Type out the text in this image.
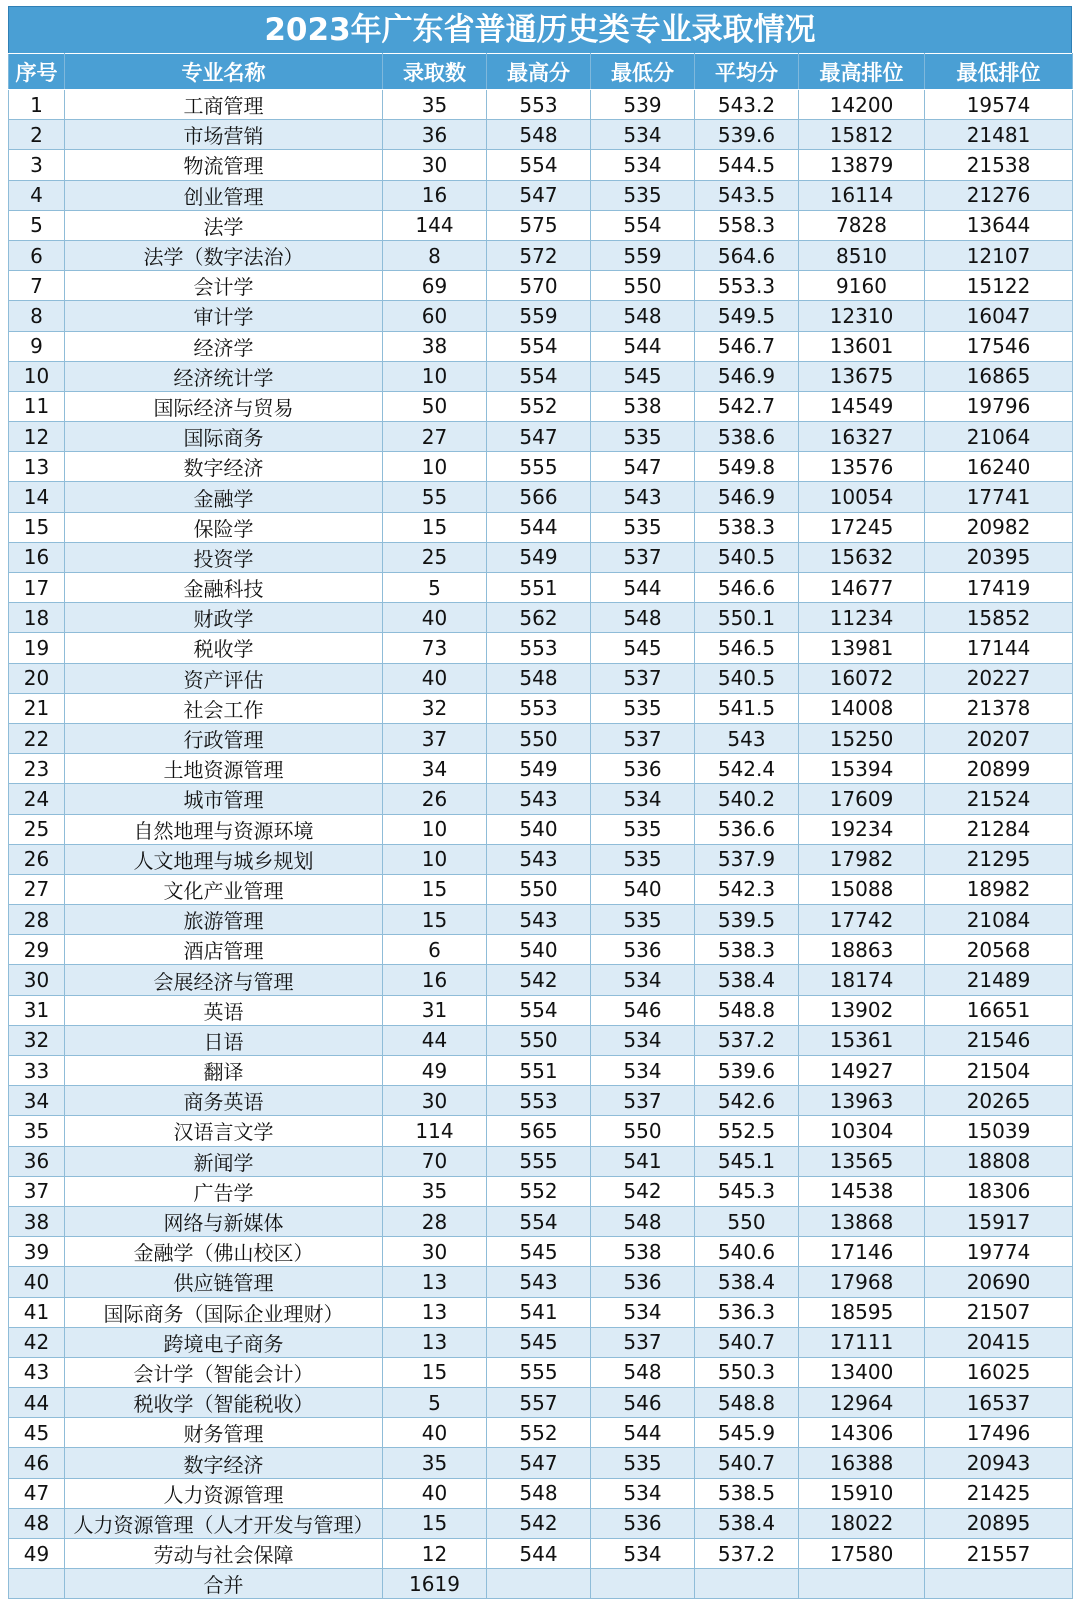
2023年广东省普通历史类专业录取情况
序号	专业名称	录取数	最高分	最低分	平均分	最高排位	最低排位
1	工商管理	35	553	539	543.2	14200	19574
2	市场营销	36	548	534	539.6	15812	21481
3	物流管理	30	554	534	544.5	13879	21538
4	创业管理	16	547	535	543.5	16114	21276
5	法学	144	575	554	558.3	7828	13644
6	法学（数字法治）	8	572	559	564.6	8510	12107
7	会计学	69	570	550	553.3	9160	15122
8	审计学	60	559	548	549.5	12310	16047
9	经济学	38	554	544	546.7	13601	17546
10	经济统计学	10	554	545	546.9	13675	16865
11	国际经济与贸易	50	552	538	542.7	14549	19796
12	国际商务	27	547	535	538.6	16327	21064
13	数字经济	10	555	547	549.8	13576	16240
14	金融学	55	566	543	546.9	10054	17741
15	保险学	15	544	535	538.3	17245	20982
16	投资学	25	549	537	540.5	15632	20395
17	金融科技	5	551	544	546.6	14677	17419
18	财政学	40	562	548	550.1	11234	15852
19	税收学	73	553	545	546.5	13981	17144
20	资产评估	40	548	537	540.5	16072	20227
21	社会工作	32	553	535	541.5	14008	21378
22	行政管理	37	550	537	543	15250	20207
23	土地资源管理	34	549	536	542.4	15394	20899
24	城市管理	26	543	534	540.2	17609	21524
25	自然地理与资源环境	10	540	535	536.6	19234	21284
26	人文地理与城乡规划	10	543	535	537.9	17982	21295
27	文化产业管理	15	550	540	542.3	15088	18982
28	旅游管理	15	543	535	539.5	17742	21084
29	酒店管理	6	540	536	538.3	18863	20568
30	会展经济与管理	16	542	534	538.4	18174	21489
31	英语	31	554	546	548.8	13902	16651
32	日语	44	550	534	537.2	15361	21546
33	翻译	49	551	534	539.6	14927	21504
34	商务英语	30	553	537	542.6	13963	20265
35	汉语言文学	114	565	550	552.5	10304	15039
36	新闻学	70	555	541	545.1	13565	18808
37	广告学	35	552	542	545.3	14538	18306
38	网络与新媒体	28	554	548	550	13868	15917
39	金融学（佛山校区）	30	545	538	540.6	17146	19774
40	供应链管理	13	543	536	538.4	17968	20690
41	国际商务（国际企业理财）	13	541	534	536.3	18595	21507
42	跨境电子商务	13	545	537	540.7	17111	20415
43	会计学（智能会计）	15	555	548	550.3	13400	16025
44	税收学（智能税收）	5	557	546	548.8	12964	16537
45	财务管理	40	552	544	545.9	14306	17496
46	数字经济	35	547	535	540.7	16388	20943
47	人力资源管理	40	548	534	538.5	15910	21425
48	人力资源管理（人才开发与管理）	15	542	536	538.4	18022	20895
49	劳动与社会保障	12	544	534	537.2	17580	21557
	合并	1619					
